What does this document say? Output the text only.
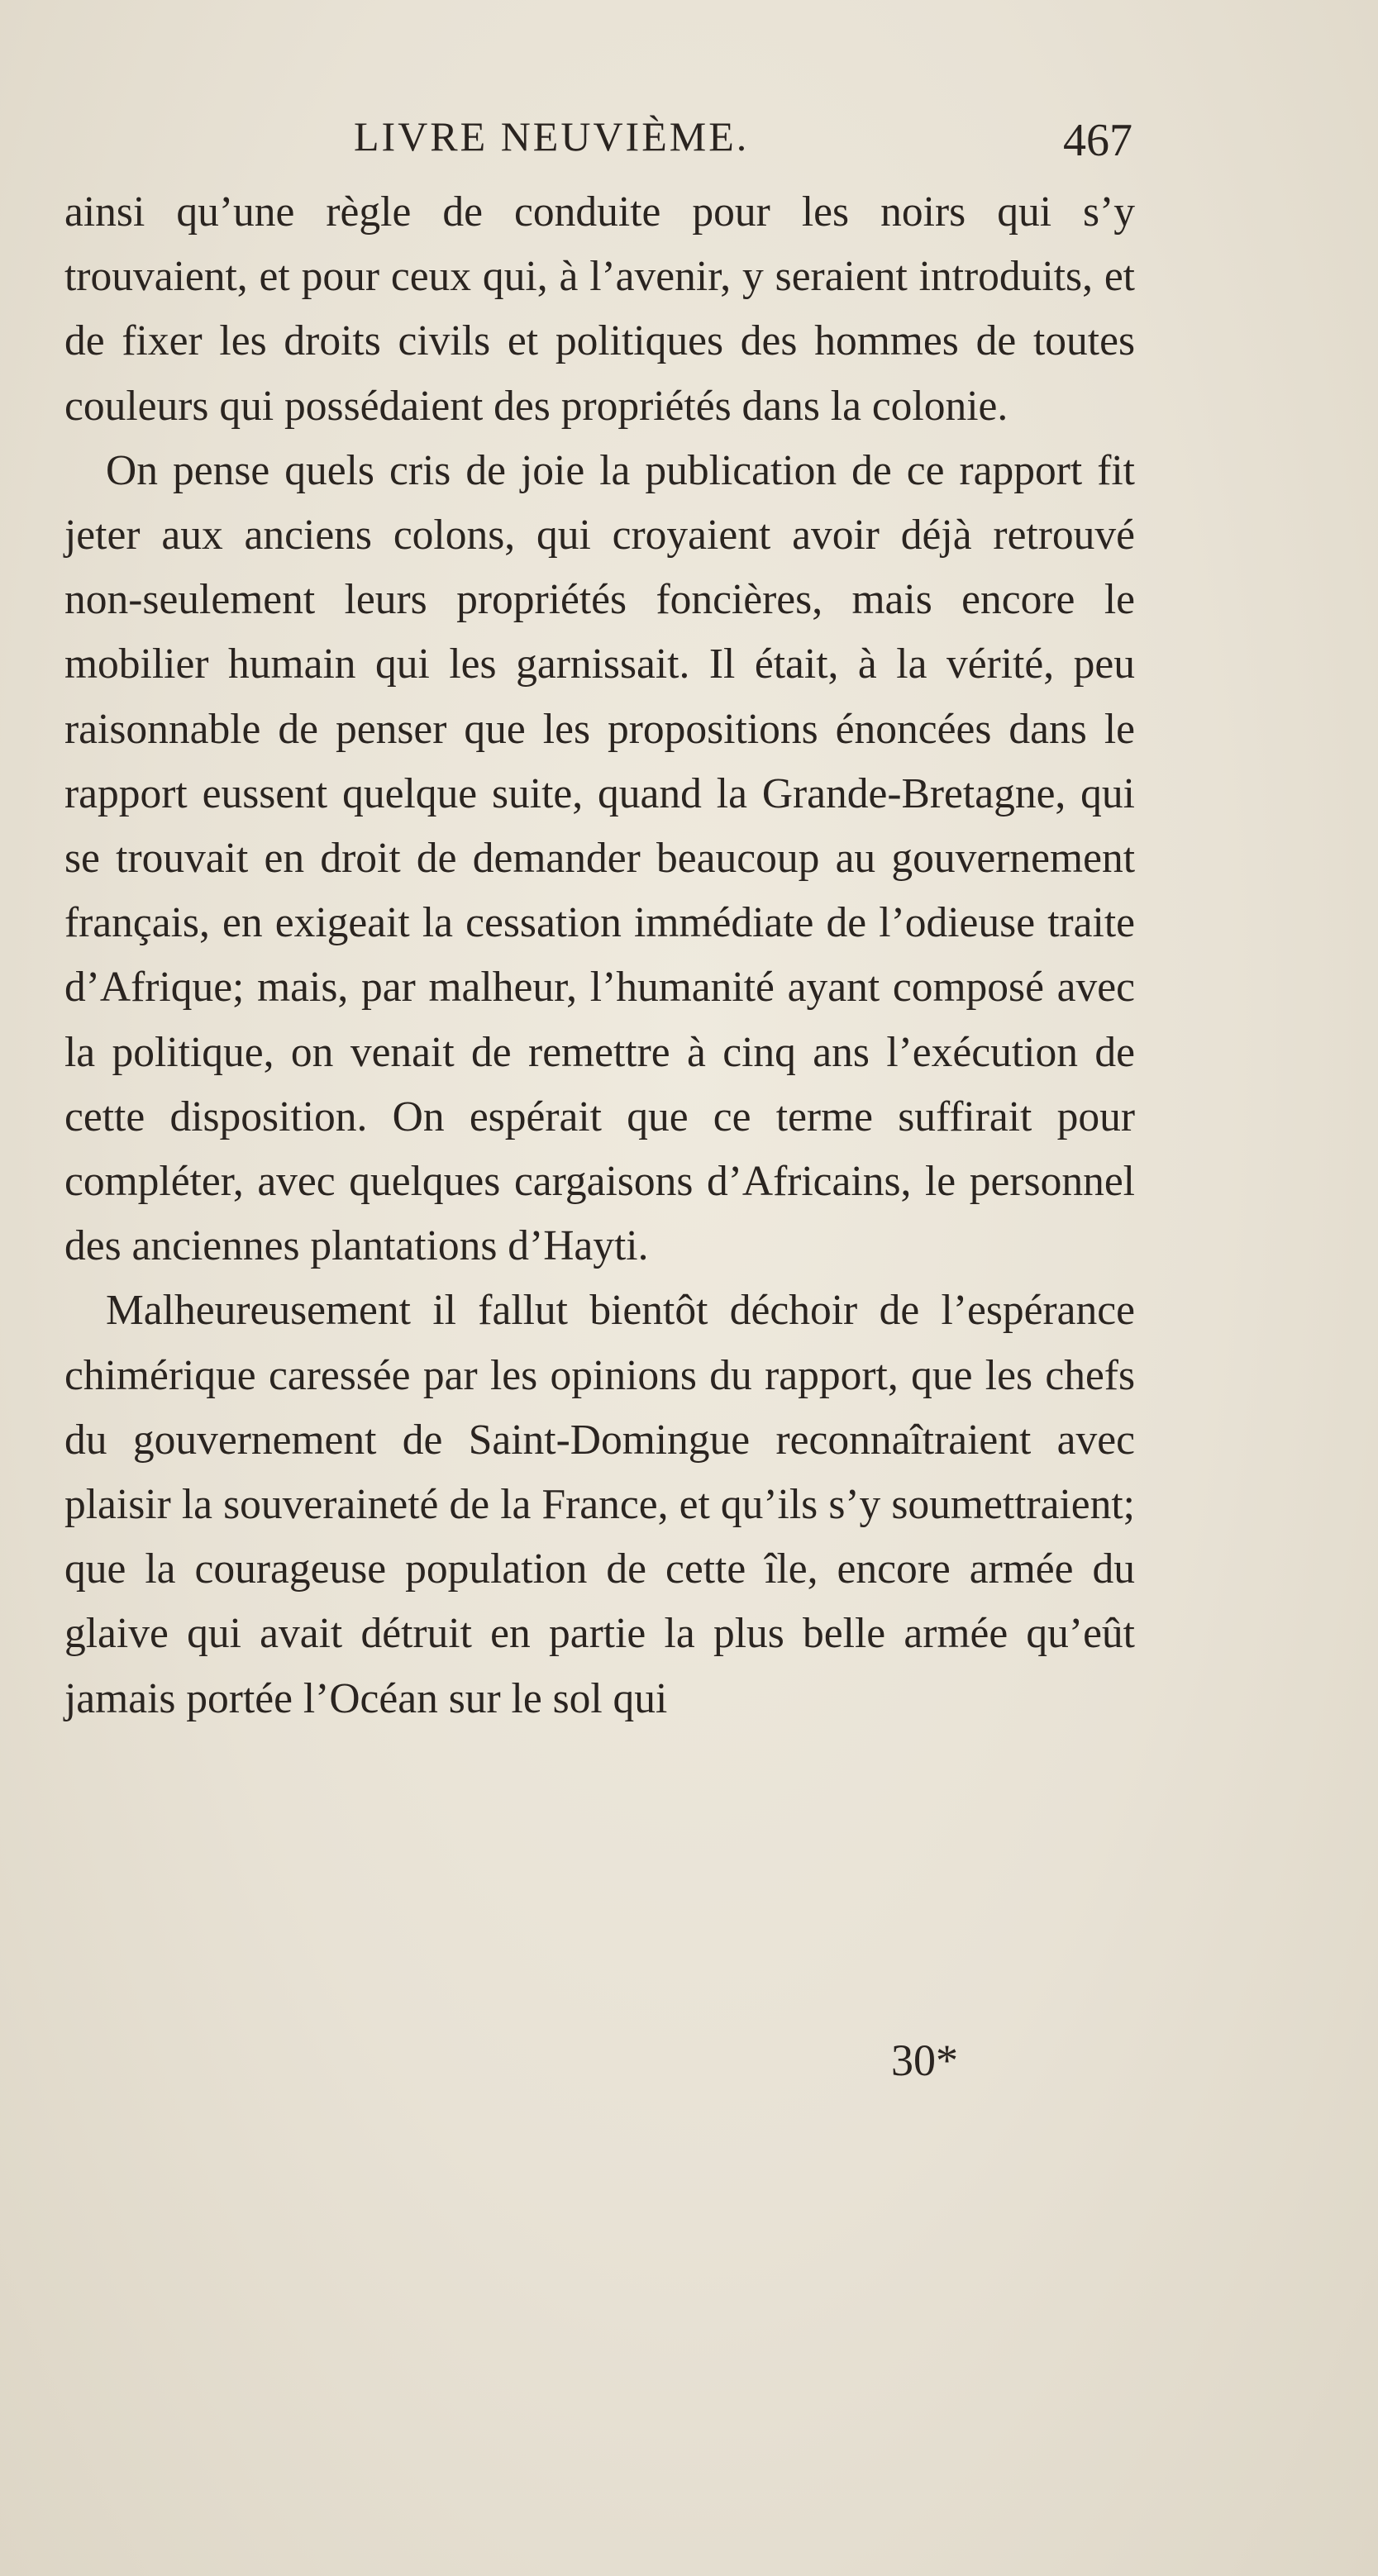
LIVRE NEUVIÈME.	467

ainsi qu’une règle de conduite pour les noirs qui s’y trouvaient, et pour ceux qui, à l’avenir, y seraient introduits, et de fixer les droits civils et politiques des hommes de toutes couleurs qui possédaient des propriétés dans la colonie.

On pense quels cris de joie la publication de ce rapport fit jeter aux anciens colons, qui croyaient avoir déjà retrouvé non-seulement leurs propriétés foncières, mais encore le mobilier humain qui les garnissait. Il était, à la vérité, peu raisonnable de penser que les propositions énoncées dans le rapport eussent quelque suite, quand la Grande-Bretagne, qui se trouvait en droit de demander beaucoup au gouvernement français, en exigeait la cessation immédiate de l’odieuse traite d’Afrique; mais, par malheur, l’humanité ayant composé avec la politique, on venait de remettre à cinq ans l’exécution de cette disposition. On espérait que ce terme suffirait pour compléter, avec quelques cargaisons d’Africains, le personnel des anciennes plantations d’Hayti.

Malheureusement il fallut bientôt déchoir de l’espérance chimérique caressée par les opinions du rapport, que les chefs du gouvernement de Saint-Domingue reconnaîtraient avec plaisir la souveraineté de la France, et qu’ils s’y soumettraient; que la courageuse population de cette île, encore armée du glaive qui avait détruit en partie la plus belle armée qu’eût jamais portée l’Océan sur le sol qui

30*
